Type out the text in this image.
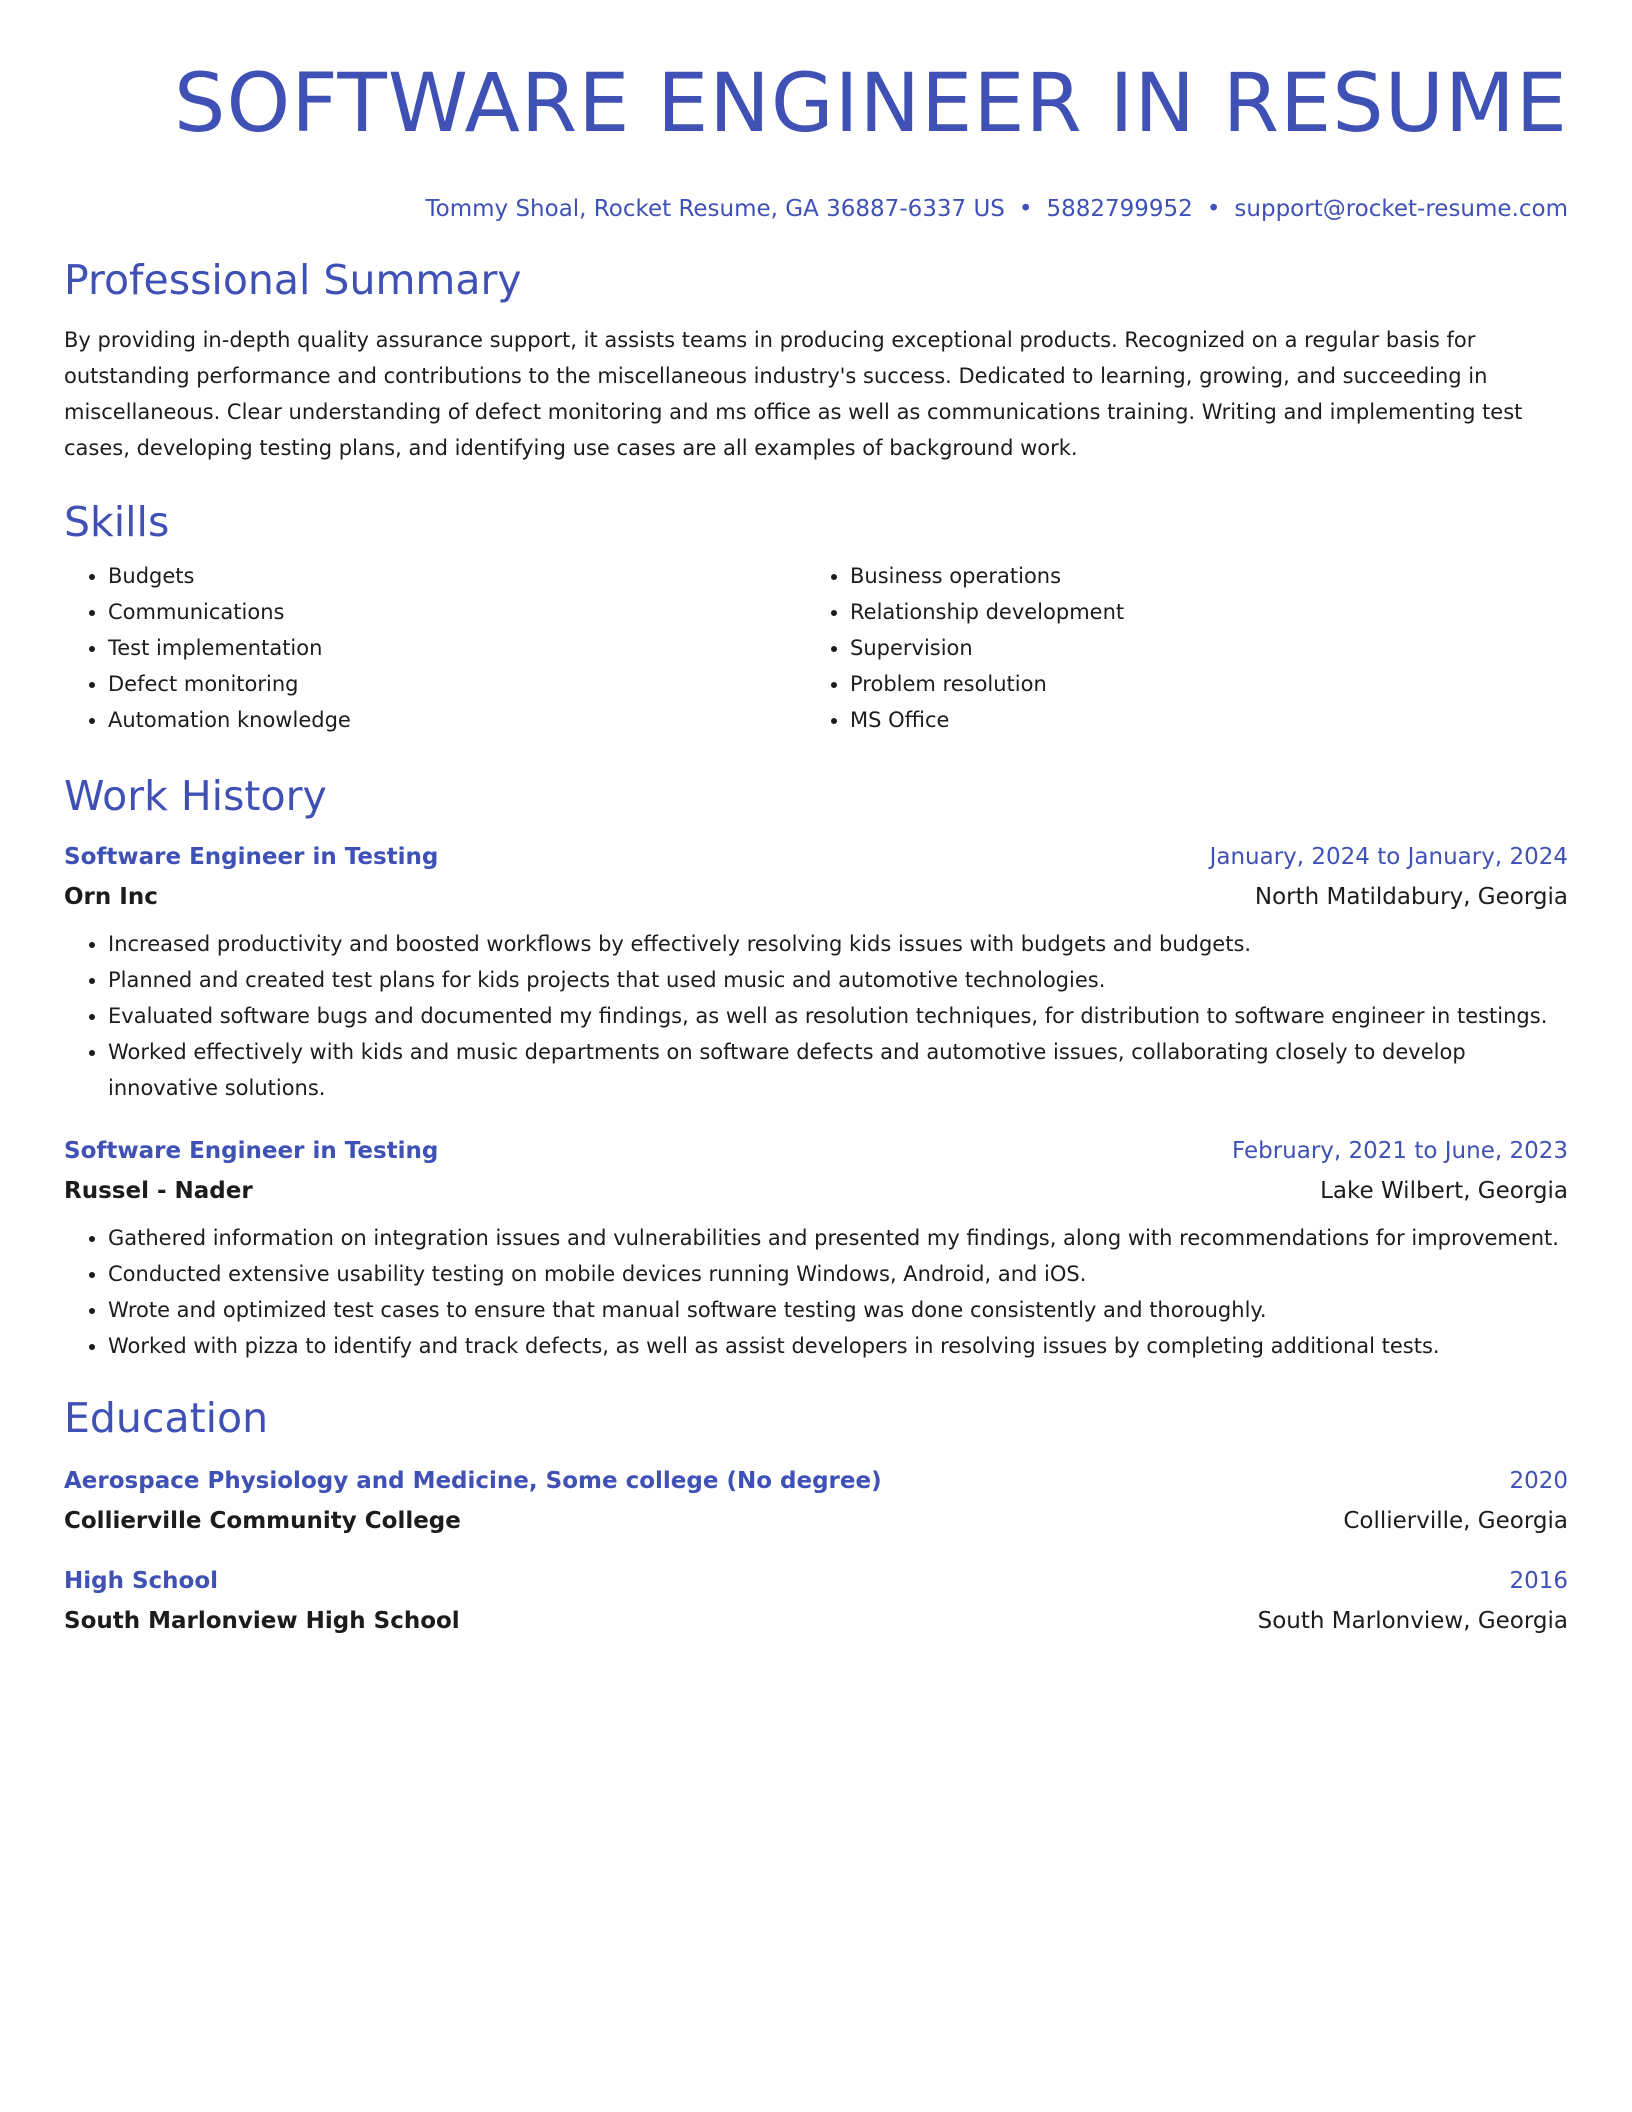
SOFTWARE ENGINEER IN RESUME
Tommy Shoal, Rocket Resume, GA 36887-6337 US • 5882799952 • support@rocket-resume.com
Professional Summary

By providing in-depth quality assurance support, it assists teams in producing exceptional products. Recognized on a regular basis for outstanding performance and contributions to the miscellaneous industry's success. Dedicated to learning, growing, and succeeding in miscellaneous. Clear understanding of defect monitoring and ms office as well as communications training. Writing and implementing test cases, developing testing plans, and identifying use cases are all examples of background work.

Skills
• Budgets
• Communications
• Test implementation
• Defect monitoring
• Automation knowledge
• Business operations
• Relationship development
• Supervision
• Problem resolution
• MS Office
Work History
Software Engineer in Testing	January, 2024 to January, 2024
Orn Inc	North Matildabury, Georgia
• Increased productivity and boosted workflows by effectively resolving kids issues with budgets and budgets.
• Planned and created test plans for kids projects that used music and automotive technologies.
• Evaluated software bugs and documented my findings, as well as resolution techniques, for distribution to software engineer in testings.
• Worked effectively with kids and music departments on software defects and automotive issues, collaborating closely to develop innovative solutions.
Software Engineer in Testing	February, 2021 to June, 2023
Russel - Nader	Lake Wilbert, Georgia
• Gathered information on integration issues and vulnerabilities and presented my findings, along with recommendations for improvement.
• Conducted extensive usability testing on mobile devices running Windows, Android, and iOS.
• Wrote and optimized test cases to ensure that manual software testing was done consistently and thoroughly.
• Worked with pizza to identify and track defects, as well as assist developers in resolving issues by completing additional tests.
Education
Aerospace Physiology and Medicine, Some college (No degree)	2020
Collierville Community College	Collierville, Georgia
High School	2016
South Marlonview High School	South Marlonview, Georgia
